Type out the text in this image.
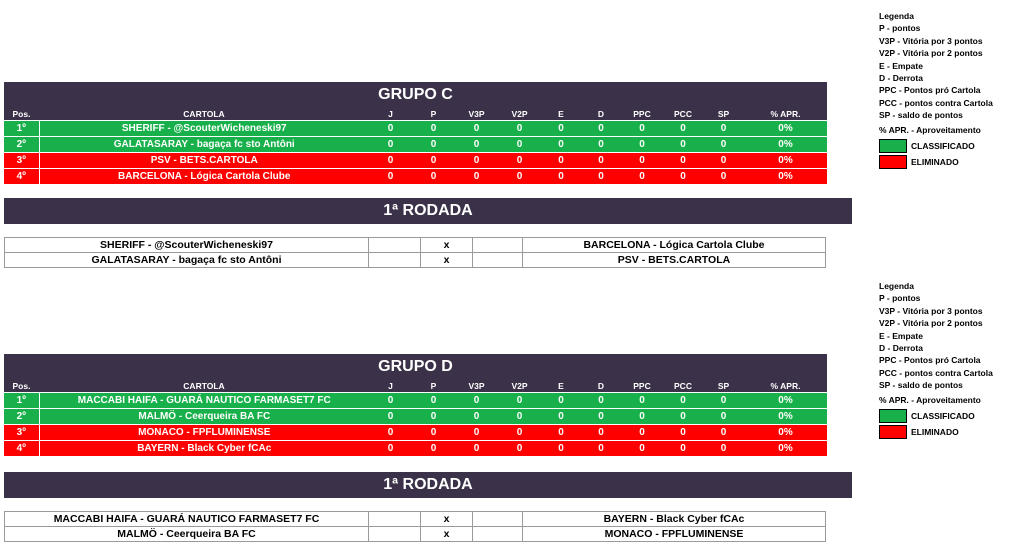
GRUPO C
Pos.	CARTOLA	J	P	V3P	V2P	E	D	PPC	PCC	SP	% APR.
1º	SHERIFF - @ScouterWicheneski97	0	0	0	0	0	0	0	0	0	0%
2º	GALATASARAY - bagaça fc sto Antôni	0	0	0	0	0	0	0	0	0	0%
3º	PSV - BETS.CARTOLA	0	0	0	0	0	0	0	0	0	0%
4º	BARCELONA - Lógica Cartola Clube	0	0	0	0	0	0	0	0	0	0%
1ª RODADA
SHERIFF - @ScouterWicheneski97		x		BARCELONA - Lógica Cartola Clube
GALATASARAY - bagaça fc sto Antôni		x		PSV - BETS.CARTOLA
GRUPO D
Pos.	CARTOLA	J	P	V3P	V2P	E	D	PPC	PCC	SP	% APR.
1º	MACCABI HAIFA - GUARÁ NAUTICO FARMASET7 FC	0	0	0	0	0	0	0	0	0	0%
2º	MALMÖ - Ceerqueira BA FC	0	0	0	0	0	0	0	0	0	0%
3º	MONACO - FPFLUMINENSE	0	0	0	0	0	0	0	0	0	0%
4º	BAYERN - Black Cyber fCAc	0	0	0	0	0	0	0	0	0	0%
1ª RODADA
MACCABI HAIFA - GUARÁ NAUTICO FARMASET7 FC		x		BAYERN - Black Cyber fCAc
MALMÖ - Ceerqueira BA FC		x		MONACO - FPFLUMINENSE
Legenda
P - pontos
V3P - Vitória por 3 pontos
V2P - Vitória por 2 pontos
E - Empate
D - Derrota
PPC - Pontos pró Cartola
PCC - pontos contra Cartola
SP - saldo de pontos
% APR. - Aproveitamento
CLASSIFICADO
ELIMINADO
Legenda
P - pontos
V3P - Vitória por 3 pontos
V2P - Vitória por 2 pontos
E - Empate
D - Derrota
PPC - Pontos pró Cartola
PCC - pontos contra Cartola
SP - saldo de pontos
% APR. - Aproveitamento
CLASSIFICADO
ELIMINADO
